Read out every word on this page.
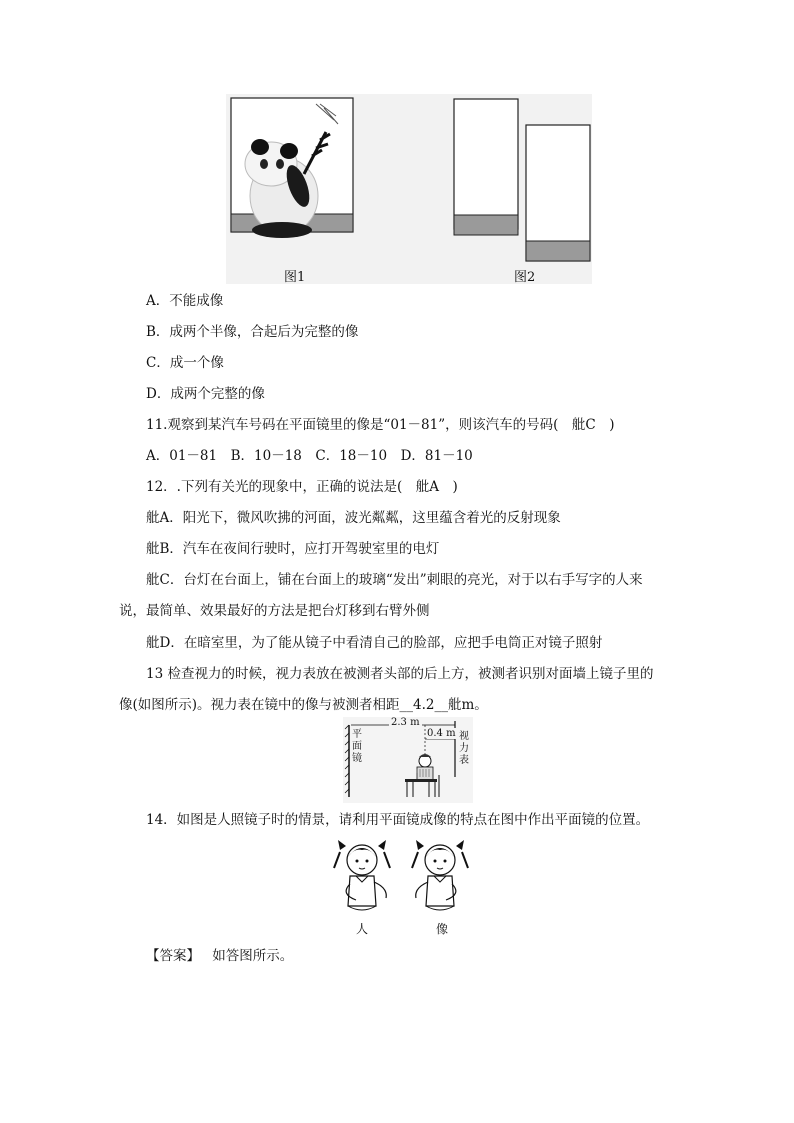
图1	图2
A．不能成像
B．成两个半像，合起后为完整的像
C．成一个像
D．成两个完整的像
11.观察到某汽车号码在平面镜里的像是“01－81”，则该汽车的号码(　舭C　)
A．01－81　B．10－18　C．18－10　D．81－10
12．.下列有关光的现象中，正确的说法是(　舭A　)
舭A．阳光下，微风吹拂的河面，波光粼粼，这里蕴含着光的反射现象
舭B．汽车在夜间行驶时，应打开驾驶室里的电灯
舭C．台灯在台面上，铺在台面上的玻璃“发出”刺眼的亮光，对于以右手写字的人来
说，最简单、效果最好的方法是把台灯移到右臂外侧
舭D．在暗室里，为了能从镜子中看清自己的脸部，应把手电筒正对镜子照射
13 检查视力的时候，视力表放在被测者头部的后上方，被测者识别对面墙上镜子里的
像(如图所示)。视力表在镜中的像与被测者相距__4.2__舭m。
2.3 m
0.4 m
平面镜
视力表
14．如图是人照镜子时的情景，请利用平面镜成像的特点在图中作出平面镜的位置。
人	像
【答案】 如答图所示。
